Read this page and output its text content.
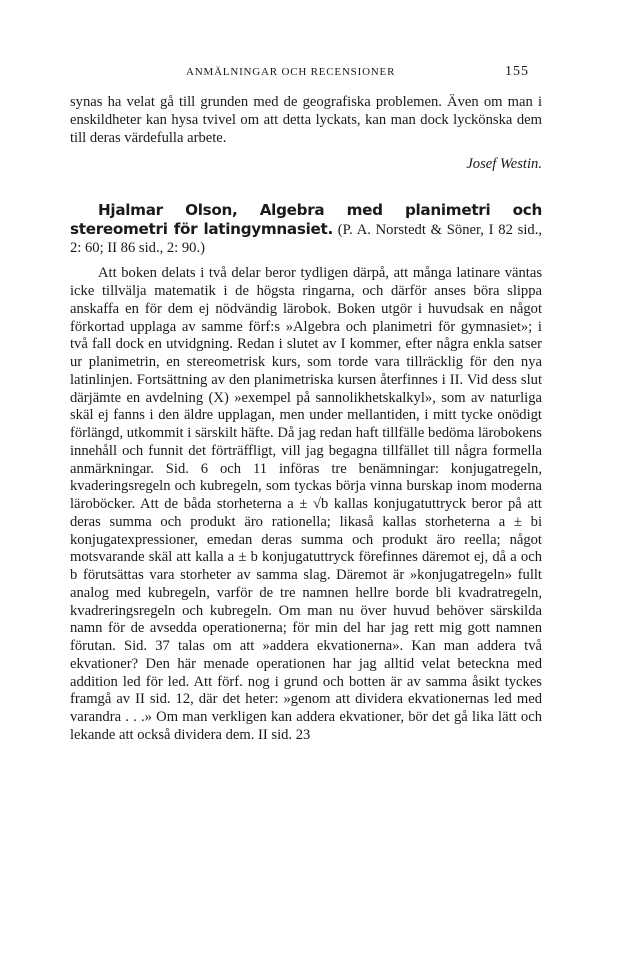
ANMÄLNINGAR OCH RECENSIONER	155

synas ha velat gå till grunden med de geografiska problemen. Även om man i enskildheter kan hysa tvivel om att detta lyckats, kan man dock lyckönska dem till deras värdefulla arbete.

Josef Westin.

Hjalmar Olson, Algebra med planimetri och stereometri för latingymnasiet. (P. A. Norstedt & Söner, I 82 sid., 2: 60; II 86 sid., 2: 90.)

Att boken delats i två delar beror tydligen därpå, att många latinare väntas icke tillvälja matematik i de högsta ringarna, och därför anses böra slippa anskaffa en för dem ej nödvändig lärobok. Boken utgör i huvudsak en något förkortad upplaga av samme förf:s »Algebra och planimetri för gymnasiet»; i två fall dock en utvidgning. Redan i slutet av I kommer, efter några enkla satser ur planimetrin, en stereometrisk kurs, som torde vara tillräcklig för den nya latinlinjen. Fortsättning av den planimetriska kursen återfinnes i II. Vid dess slut därjämte en avdelning (X) »exempel på sannolikhetskalkyl», som av naturliga skäl ej fanns i den äldre upplagan, men under mellantiden, i mitt tycke onödigt förlängd, utkommit i särskilt häfte. Då jag redan haft tillfälle bedöma lärobokens innehåll och funnit det förträffligt, vill jag begagna tillfället till några formella anmärkningar. Sid. 6 och 11 införas tre benämningar: konjugatregeln, kvaderingsregeln och kubregeln, som tyckas börja vinna burskap inom moderna läroböcker. Att de båda storheterna a ± √b kallas konjugatuttryck beror på att deras summa och produkt äro rationella; likaså kallas storheterna a ± bi konjugatexpressioner, emedan deras summa och produkt äro reella; något motsvarande skäl att kalla a ± b konjugatuttryck förefinnes däremot ej, då a och b förutsättas vara storheter av samma slag. Däremot är »konjugatregeln» fullt analog med kubregeln, varför de tre namnen hellre borde bli kvadratregeln, kvadreringsregeln och kubregeln. Om man nu över huvud behöver särskilda namn för de avsedda operationerna; för min del har jag rett mig gott namnen förutan. Sid. 37 talas om att »addera ekvationerna». Kan man addera två ekvationer? Den här menade operationen har jag alltid velat beteckna med addition led för led. Att förf. nog i grund och botten är av samma åsikt tyckes framgå av II sid. 12, där det heter: »genom att dividera ekvationernas led med varandra . . .» Om man verkligen kan addera ekvationer, bör det gå lika lätt och lekande att också dividera dem. II sid. 23
